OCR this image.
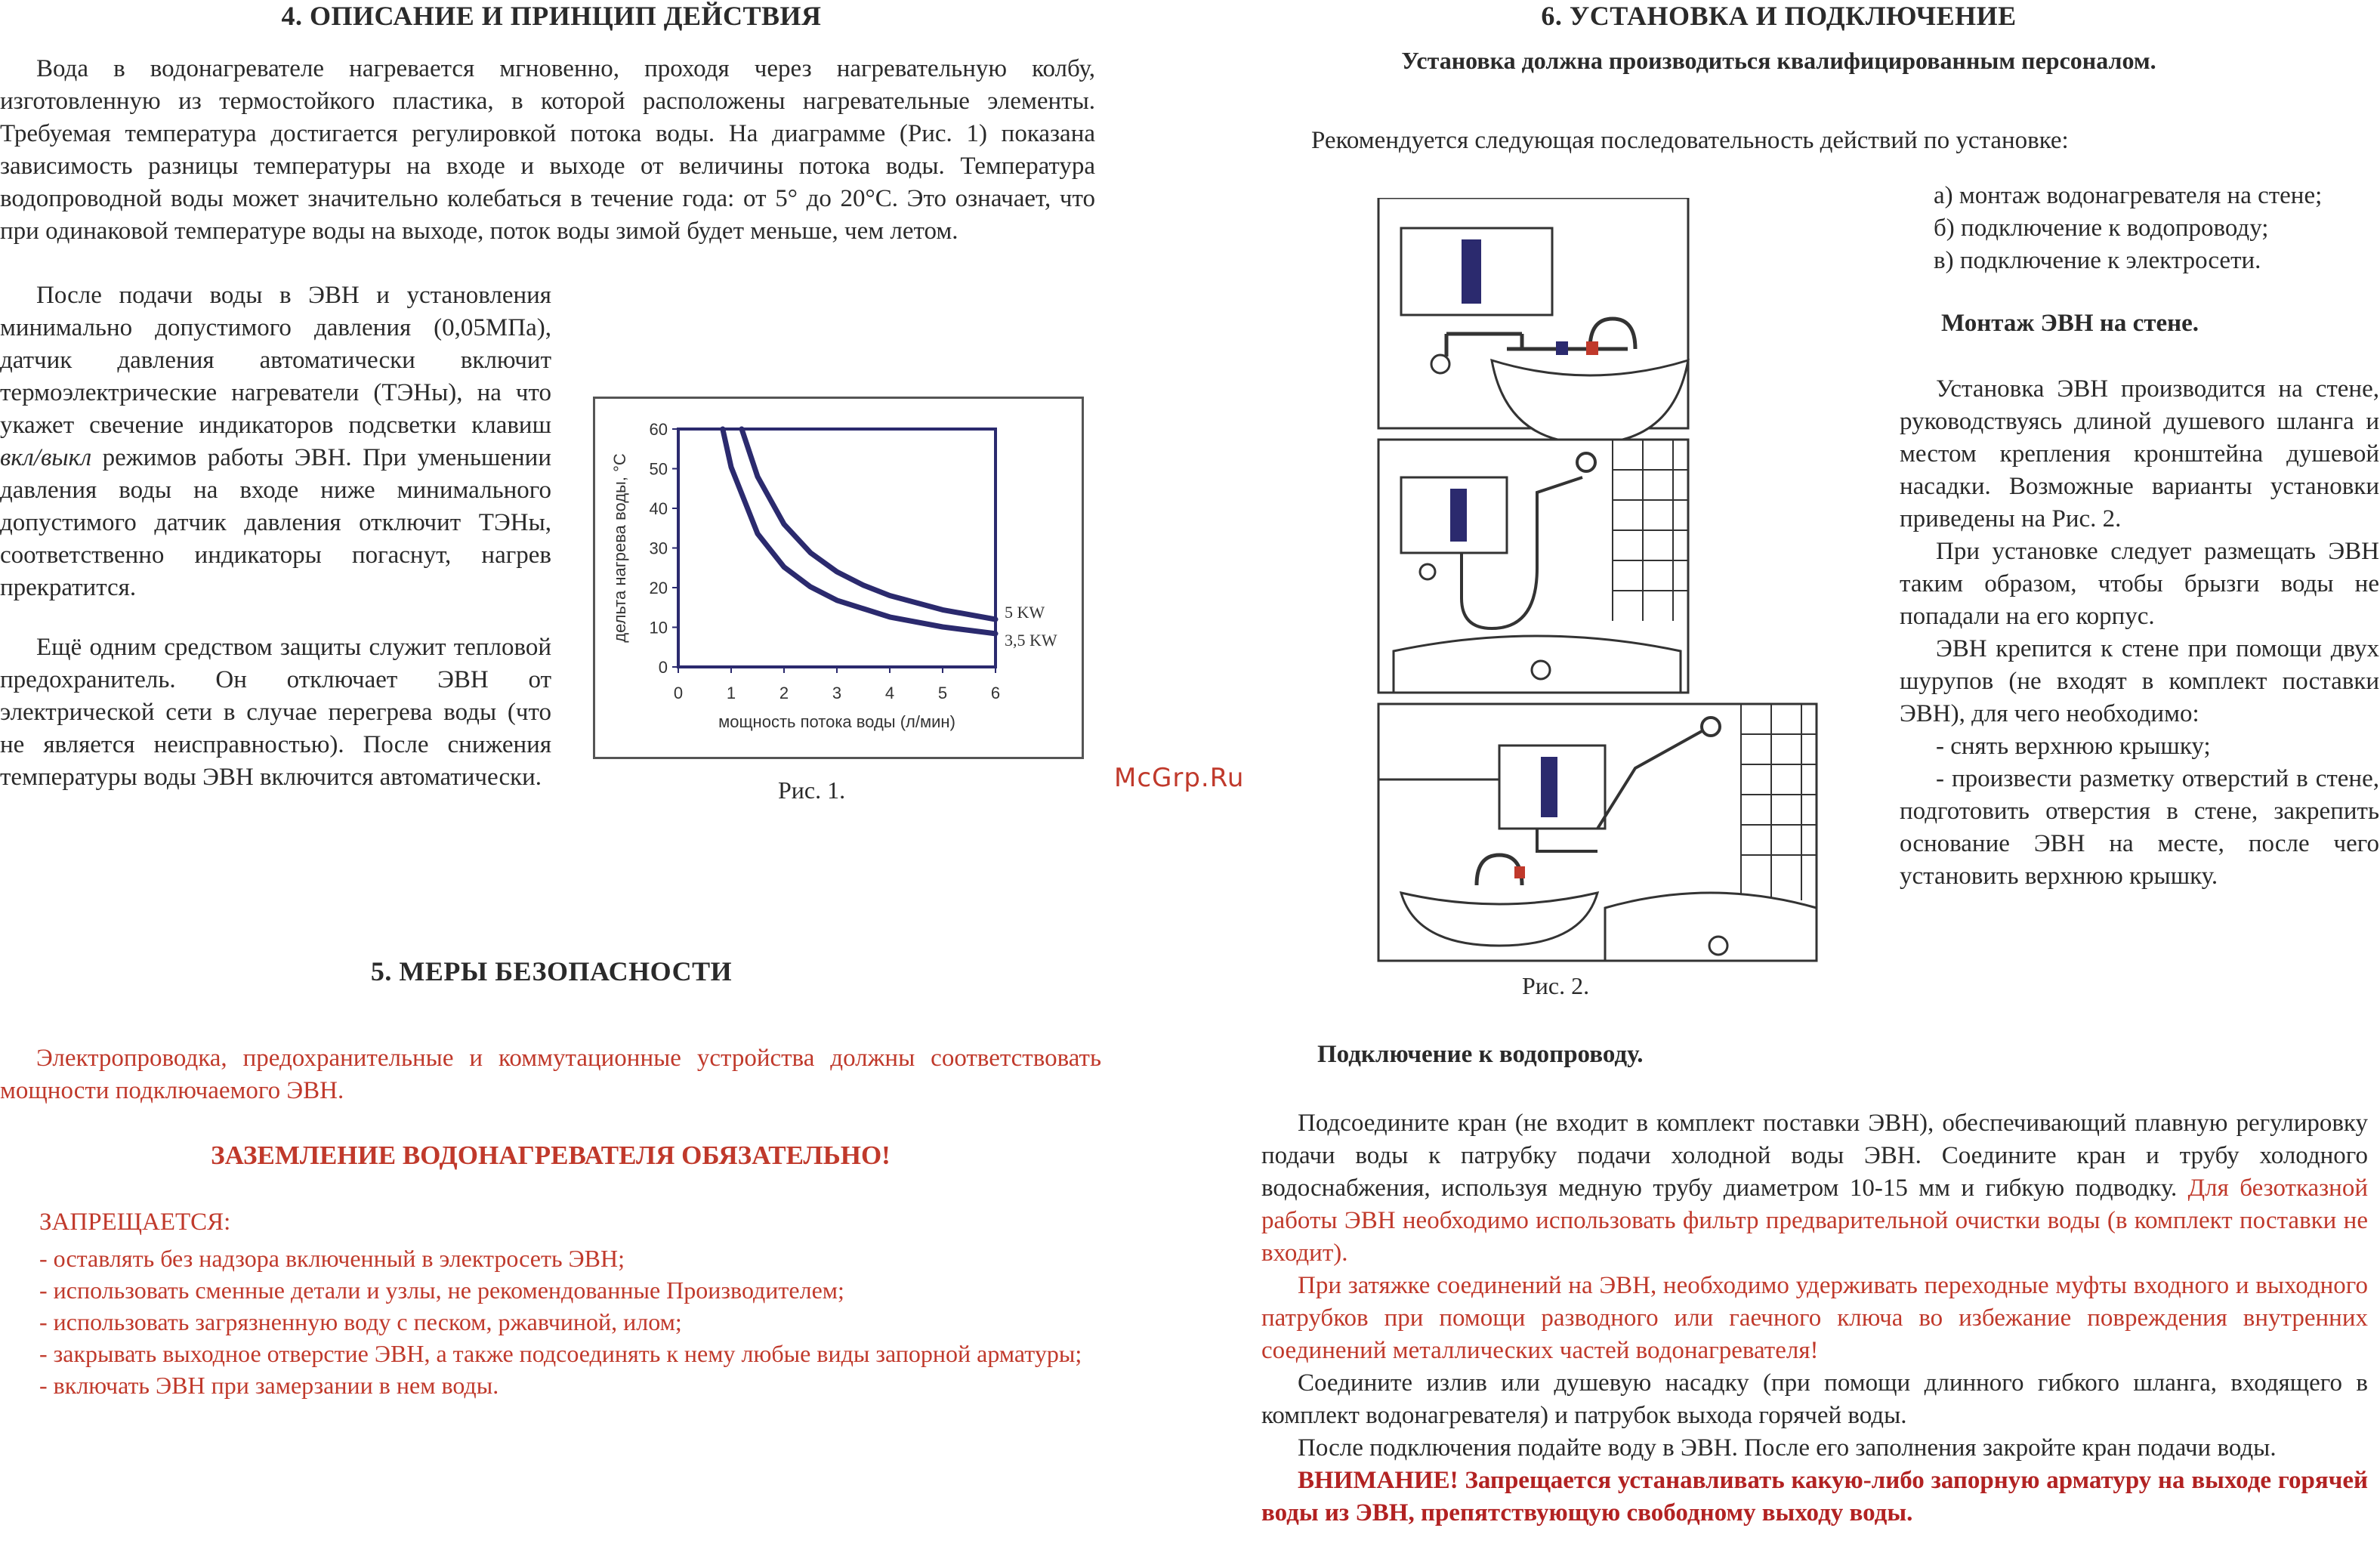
4. ОПИСАНИЕ И ПРИНЦИП ДЕЙСТВИЯ

Вода в водонагревателе нагревается мгновенно, проходя через нагревательную колбу, изготовленную из термостойкого пластика, в которой расположены нагревательные элементы. Требуемая температура достигается регулировкой потока воды. На диаграмме (Рис. 1) показана зависимость разницы температуры на входе и выходе от величины потока воды. Температура водопроводной воды может значительно колебаться в течение года: от 5° до 20°С. Это означает, что при одинаковой температуре воды на выходе, поток воды зимой будет меньше, чем летом.

После подачи воды в ЭВН и установления минимально допустимого давления (0,05МПа), датчик давления автоматически включит термоэлектрические нагреватели (ТЭНы), на что укажет свечение индикаторов подсветки клавиш вкл/выкл режимов работы ЭВН. При уменьшении давления воды на входе ниже минимального допустимого датчик давления отключит ТЭНы, соответственно индикаторы погаснут, нагрев прекратится.

Ещё одним средством защиты служит тепловой предохранитель. Он отключает ЭВН от электрической сети в случае перегрева воды (что не является неисправностью). После снижения температуры воды ЭВН включится автоматически.

0	1	2	3	4	5	6
0
10
20
30
40
50
60
мощность потока воды (л/мин)
дельта нагрева воды, °С	5 KW
3,5 KW
Рис. 1.
5. МЕРЫ БЕЗОПАСНОСТИ

Электропроводка, предохранительные и коммутационные устройства должны соответствовать мощности подключаемого ЭВН.

ЗАЗЕМЛЕНИЕ ВОДОНАГРЕВАТЕЛЯ ОБЯЗАТЕЛЬНО!
ЗАПРЕЩАЕТСЯ:
- оставлять без надзора включенный в электросеть ЭВН;
- использовать сменные детали и узлы, не рекомендованные Производителем;
- использовать загрязненную воду с песком, ржавчиной, илом;
- закрывать выходное отверстие ЭВН, а также подсоединять к нему любые виды запорной арматуры;
- включать ЭВН при замерзании в нем воды.
McGrp.Ru
6. УСТАНОВКА И ПОДКЛЮЧЕНИЕ
Установка должна производиться квалифицированным персоналом.
Рекомендуется следующая последовательность действий по установке:
Рис. 2.
а) монтаж водонагревателя на стене;
б) подключение к водопроводу;
в) подключение к электросети.
Монтаж ЭВН на стене.

Установка ЭВН производится на стене, руководствуясь длиной душевого шланга и местом крепления кронштейна душевой насадки. Возможные варианты установки приведены на Рис. 2.

При установке следует размещать ЭВН таким образом, чтобы брызги воды не попадали на его корпус.

ЭВН крепится к стене при помощи двух шурупов (не входят в комплект поставки ЭВН), для чего необходимо:

- снять верхнюю крышку;

- произвести разметку отверстий в стене, подготовить отверстия в стене, закрепить основание ЭВН на месте, после чего установить верхнюю крышку.

Подключение к водопроводу.

Подсоедините кран (не входит в комплект поставки ЭВН), обеспечивающий плавную регулировку подачи воды к патрубку подачи холодной воды ЭВН. Соедините кран и трубу холодного водоснабжения, используя медную трубу диаметром 10-15 мм и гибкую подводку. Для безотказной работы ЭВН необходимо использовать фильтр предварительной очистки воды (в комплект поставки не входит).

При затяжке соединений на ЭВН, необходимо удерживать переходные муфты входного и выходного патрубков при помощи разводного или гаечного ключа во избежание повреждения внутренних соединений металлических частей водонагревателя!

Соедините излив или душевую насадку (при помощи длинного гибкого шланга, входящего в комплект водонагревателя) и патрубок выхода горячей воды.

После подключения подайте воду в ЭВН. После его заполнения закройте кран подачи воды.

ВНИМАНИЕ! Запрещается устанавливать какую-либо запорную арматуру на выходе горячей воды из ЭВН, препятствующую свободному выходу воды.
